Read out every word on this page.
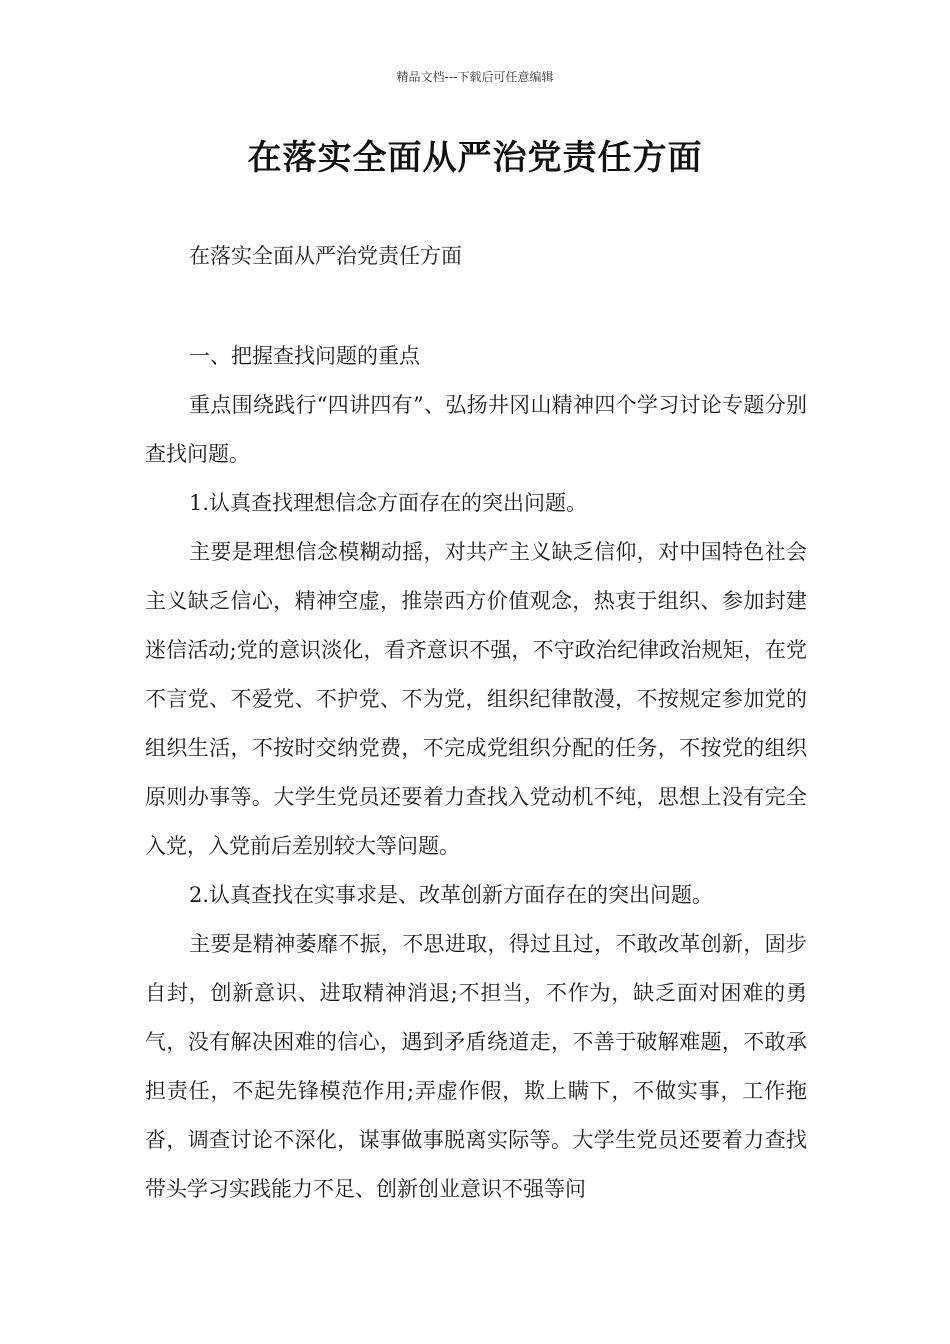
精品文档---下载后可任意编辑
在落实全面从严治党责任方面

在落实全面从严治党责任方面

一、把握查找问题的重点

重点围绕践行“四讲四有”、弘扬井冈山精神四个学习讨论专题分别查找问题。

1.认真查找理想信念方面存在的突出问题。

主要是理想信念模糊动摇，对共产主义缺乏信仰，对中国特色社会主义缺乏信心，精神空虚，推崇西方价值观念，热衷于组织、参加封建迷信活动;党的意识淡化，看齐意识不强，不守政治纪律政治规矩，在党不言党、不爱党、不护党、不为党，组织纪律散漫，不按规定参加党的组织生活，不按时交纳党费，不完成党组织分配的任务，不按党的组织原则办事等。大学生党员还要着力查找入党动机不纯，思想上没有完全入党，入党前后差别较大等问题。

2.认真查找在实事求是、改革创新方面存在的突出问题。

主要是精神萎靡不振，不思进取，得过且过，不敢改革创新，固步自封，创新意识、进取精神消退;不担当，不作为，缺乏面对困难的勇气，没有解决困难的信心，遇到矛盾绕道走，不善于破解难题，不敢承担责任，不起先锋模范作用;弄虚作假，欺上瞒下，不做实事，工作拖沓，调查讨论不深化，谋事做事脱离实际等。大学生党员还要着力查找带头学习实践能力不足、创新创业意识不强等问
